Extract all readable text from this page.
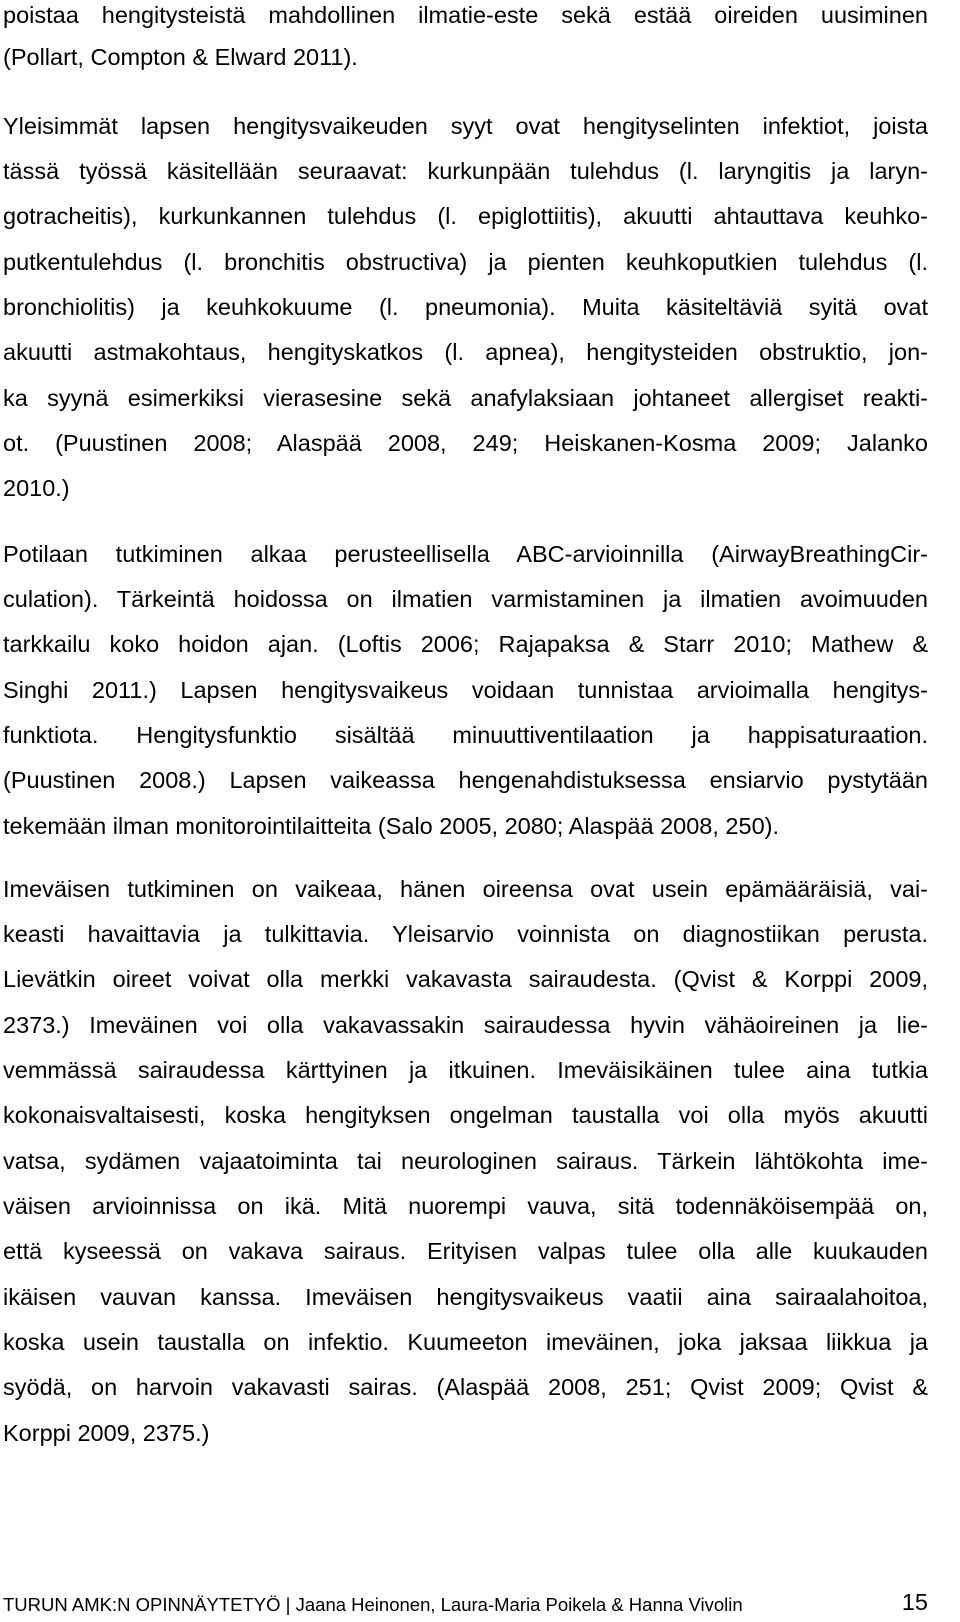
poistaa hengitysteistä mahdollinen ilmatie-este sekä estää oireiden uusiminen
(Pollart, Compton & Elward 2011).
Yleisimmät lapsen hengitysvaikeuden syyt ovat hengityselinten infektiot, joista
tässä työssä käsitellään seuraavat: kurkunpään tulehdus (l. laryngitis ja laryn-
gotracheitis), kurkunkannen tulehdus (l. epiglottiitis), akuutti ahtauttava keuhko-
putkentulehdus (l. bronchitis obstructiva) ja pienten keuhkoputkien tulehdus (l.
bronchiolitis) ja keuhkokuume (l. pneumonia). Muita käsiteltäviä syitä ovat
akuutti astmakohtaus, hengityskatkos (l. apnea), hengitysteiden obstruktio, jon-
ka syynä esimerkiksi vierasesine sekä anafylaksiaan johtaneet allergiset reakti-
ot. (Puustinen 2008; Alaspää 2008, 249; Heiskanen-Kosma 2009; Jalanko
2010.)
Potilaan tutkiminen alkaa perusteellisella ABC-arvioinnilla (AirwayBreathingCir-
culation). Tärkeintä hoidossa on ilmatien varmistaminen ja ilmatien avoimuuden
tarkkailu koko hoidon ajan. (Loftis 2006; Rajapaksa & Starr 2010; Mathew &
Singhi 2011.) Lapsen hengitysvaikeus voidaan tunnistaa arvioimalla hengitys-
funktiota. Hengitysfunktio sisältää minuuttiventilaation ja happisaturaation.
(Puustinen 2008.) Lapsen vaikeassa hengenahdistuksessa ensiarvio pystytään
tekemään ilman monitorointilaitteita (Salo 2005, 2080; Alaspää 2008, 250).
Imeväisen tutkiminen on vaikeaa, hänen oireensa ovat usein epämääräisiä, vai-
keasti havaittavia ja tulkittavia. Yleisarvio voinnista on diagnostiikan perusta.
Lievätkin oireet voivat olla merkki vakavasta sairaudesta. (Qvist & Korppi 2009,
2373.) Imeväinen voi olla vakavassakin sairaudessa hyvin vähäoireinen ja lie-
vemmässä sairaudessa kärttyinen ja itkuinen. Imeväisikäinen tulee aina tutkia
kokonaisvaltaisesti, koska hengityksen ongelman taustalla voi olla myös akuutti
vatsa, sydämen vajaatoiminta tai neurologinen sairaus. Tärkein lähtökohta ime-
väisen arvioinnissa on ikä. Mitä nuorempi vauva, sitä todennäköisempää on,
että kyseessä on vakava sairaus. Erityisen valpas tulee olla alle kuukauden
ikäisen vauvan kanssa. Imeväisen hengitysvaikeus vaatii aina sairaalahoitoa,
koska usein taustalla on infektio. Kuumeeton imeväinen, joka jaksaa liikkua ja
syödä, on harvoin vakavasti sairas. (Alaspää 2008, 251; Qvist 2009; Qvist &
Korppi 2009, 2375.)
TURUN AMK:N OPINNÄYTETYÖ | Jaana Heinonen, Laura-Maria Poikela & Hanna Vivolin	15
